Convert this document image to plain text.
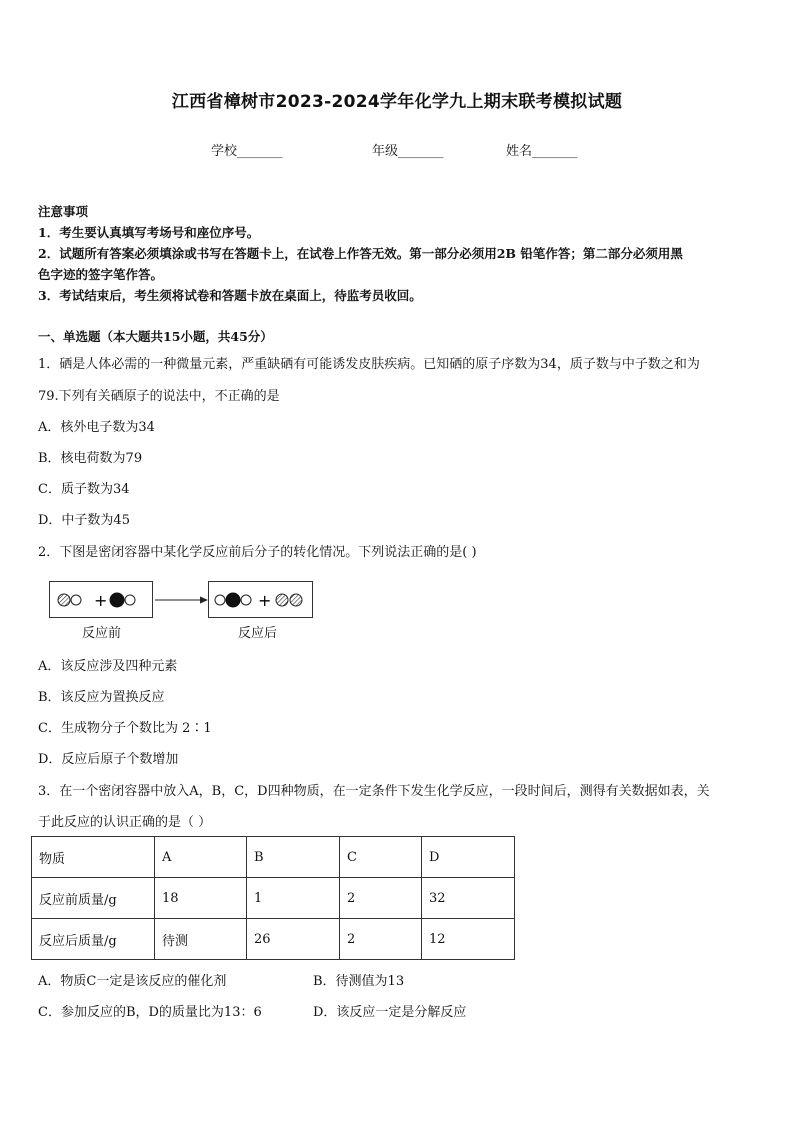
江西省樟树市2023-2024学年化学九上期末联考模拟试题
学校_______	年级_______	姓名_______
注意事项
1．考生要认真填写考场号和座位序号。
2．试题所有答案必须填涂或书写在答题卡上，在试卷上作答无效。第一部分必须用2B 铅笔作答；第二部分必须用黑
色字迹的签字笔作答。
3．考试结束后，考生须将试卷和答题卡放在桌面上，待监考员收回。
一、单选题（本大题共15小题，共45分）
1．硒是人体必需的一种微量元素，严重缺硒有可能诱发皮肤疾病。已知硒的原子序数为34，质子数与中子数之和为
79.下列有关硒原子的说法中，不正确的是
A．核外电子数为34
B．核电荷数为79
C．质子数为34
D．中子数为45
2．下图是密闭容器中某化学反应前后分子的转化情况。下列说法正确的是( )
+	+
反应前	反应后
A．该反应涉及四种元素
B．该反应为置换反应
C．生成物分子个数比为 2∶1
D．反应后原子个数增加
3．在一个密闭容器中放入A，B，C，D四种物质，在一定条件下发生化学反应，一段时间后，测得有关数据如表，关
于此反应的认识正确的是（ ）
物质	A	B	C	D
反应前质量/g	18	1	2	32
反应后质量/g	待测	26	2	12
A．物质C一定是该反应的催化剂	B．待测值为13
C．参加反应的B，D的质量比为13：6	D．该反应一定是分解反应
